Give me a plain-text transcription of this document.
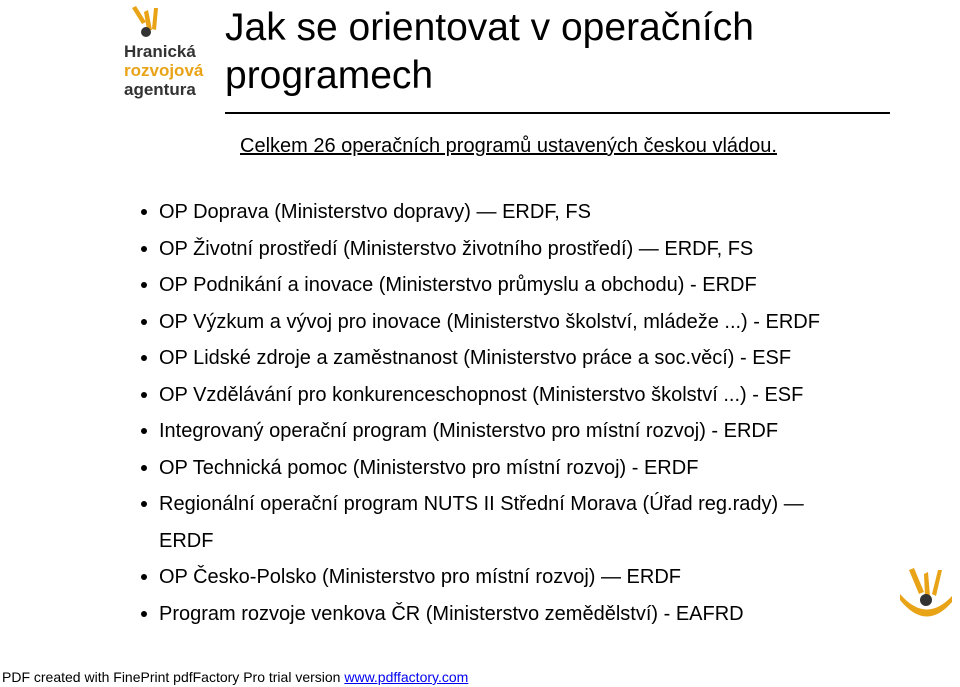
Hranická
rozvojová
agentura
Jak se orientovat v operačních programech
Celkem 26 operačních programů ustavených českou vládou.
OP Doprava (Ministerstvo dopravy) — ERDF, FS
OP Životní prostředí (Ministerstvo životního prostředí) — ERDF, FS
OP Podnikání a inovace (Ministerstvo průmyslu a obchodu) - ERDF
OP Výzkum a vývoj pro inovace (Ministerstvo školství, mládeže ...) - ERDF
OP Lidské zdroje a zaměstnanost (Ministerstvo práce a soc.věcí) - ESF
OP Vzdělávání pro konkurenceschopnost (Ministerstvo školství ...) - ESF
Integrovaný operační program (Ministerstvo pro místní rozvoj) - ERDF
OP Technická pomoc (Ministerstvo pro místní rozvoj) - ERDF
Regionální operační program NUTS II Střední Morava (Úřad reg.rady) —
ERDF
OP Česko-Polsko (Ministerstvo pro místní rozvoj) — ERDF
Program rozvoje venkova ČR (Ministerstvo zemědělství) - EAFRD
PDF created with FinePrint pdfFactory Pro trial version www.pdffactory.com
